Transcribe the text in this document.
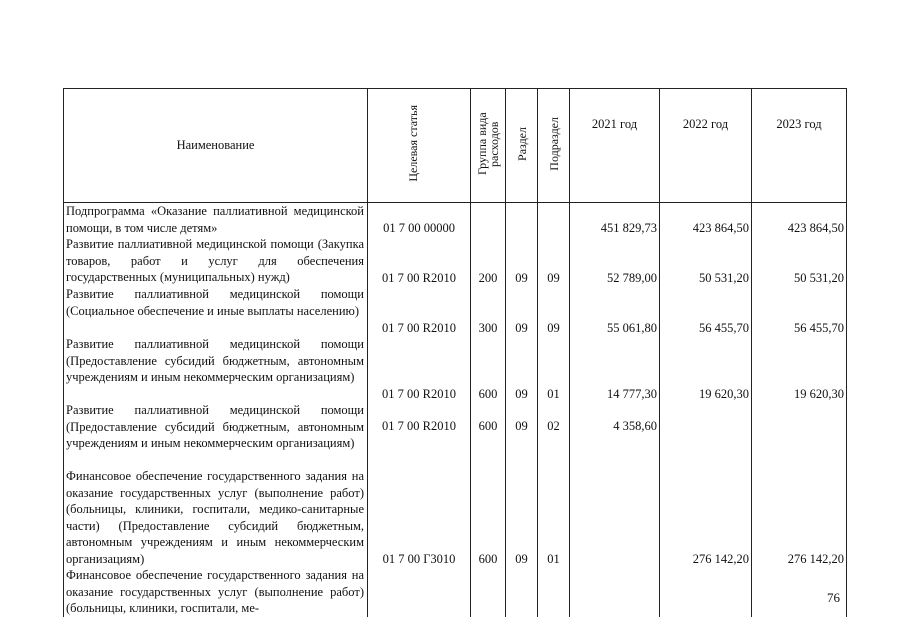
Наименование	Целевая статья	Группа вида расходов	Раздел	Подраздел	2021 год	2022 год	2023 год
Подпрограмма «Оказание паллиативной медицинской помощи, в том числе детям»	01 7 00 00000				451 829,73	423 864,50	423 864,50
Развитие паллиативной медицинской помощи (Закупка товаров, работ и услуг для обеспечения государственных (муниципальных) нужд)	01 7 00 R2010	200	09	09	52 789,00	50 531,20	50 531,20
Развитие паллиативной медицинской помощи (Социальное обеспечение и иные выплаты населению)	01 7 00 R2010	300	09	09	55 061,80	56 455,70	56 455,70
Развитие паллиативной медицинской помощи (Предоставление субсидий бюджетным, автономным учреждениям и иным некоммерческим организациям)	01 7 00 R2010	600	09	01	14 777,30	19 620,30	19 620,30
Развитие паллиативной медицинской помощи (Предоставление субсидий бюджетным, автономным учреждениям и иным некоммерческим организациям)	01 7 00 R2010	600	09	02	4 358,60		
Финансовое обеспечение государственного задания на оказание государственных услуг (выполнение работ) (больницы, клиники, госпитали, медико-санитарные части) (Предоставление субсидий бюджетным, автономным учреждениям и иным некоммерческим организациям)	01 7 00 Г3010	600	09	01		276 142,20	276 142,20
Финансовое обеспечение государственного задания на оказание государственных услуг (выполнение работ) (больницы, клиники, госпитали, ме-							
76
